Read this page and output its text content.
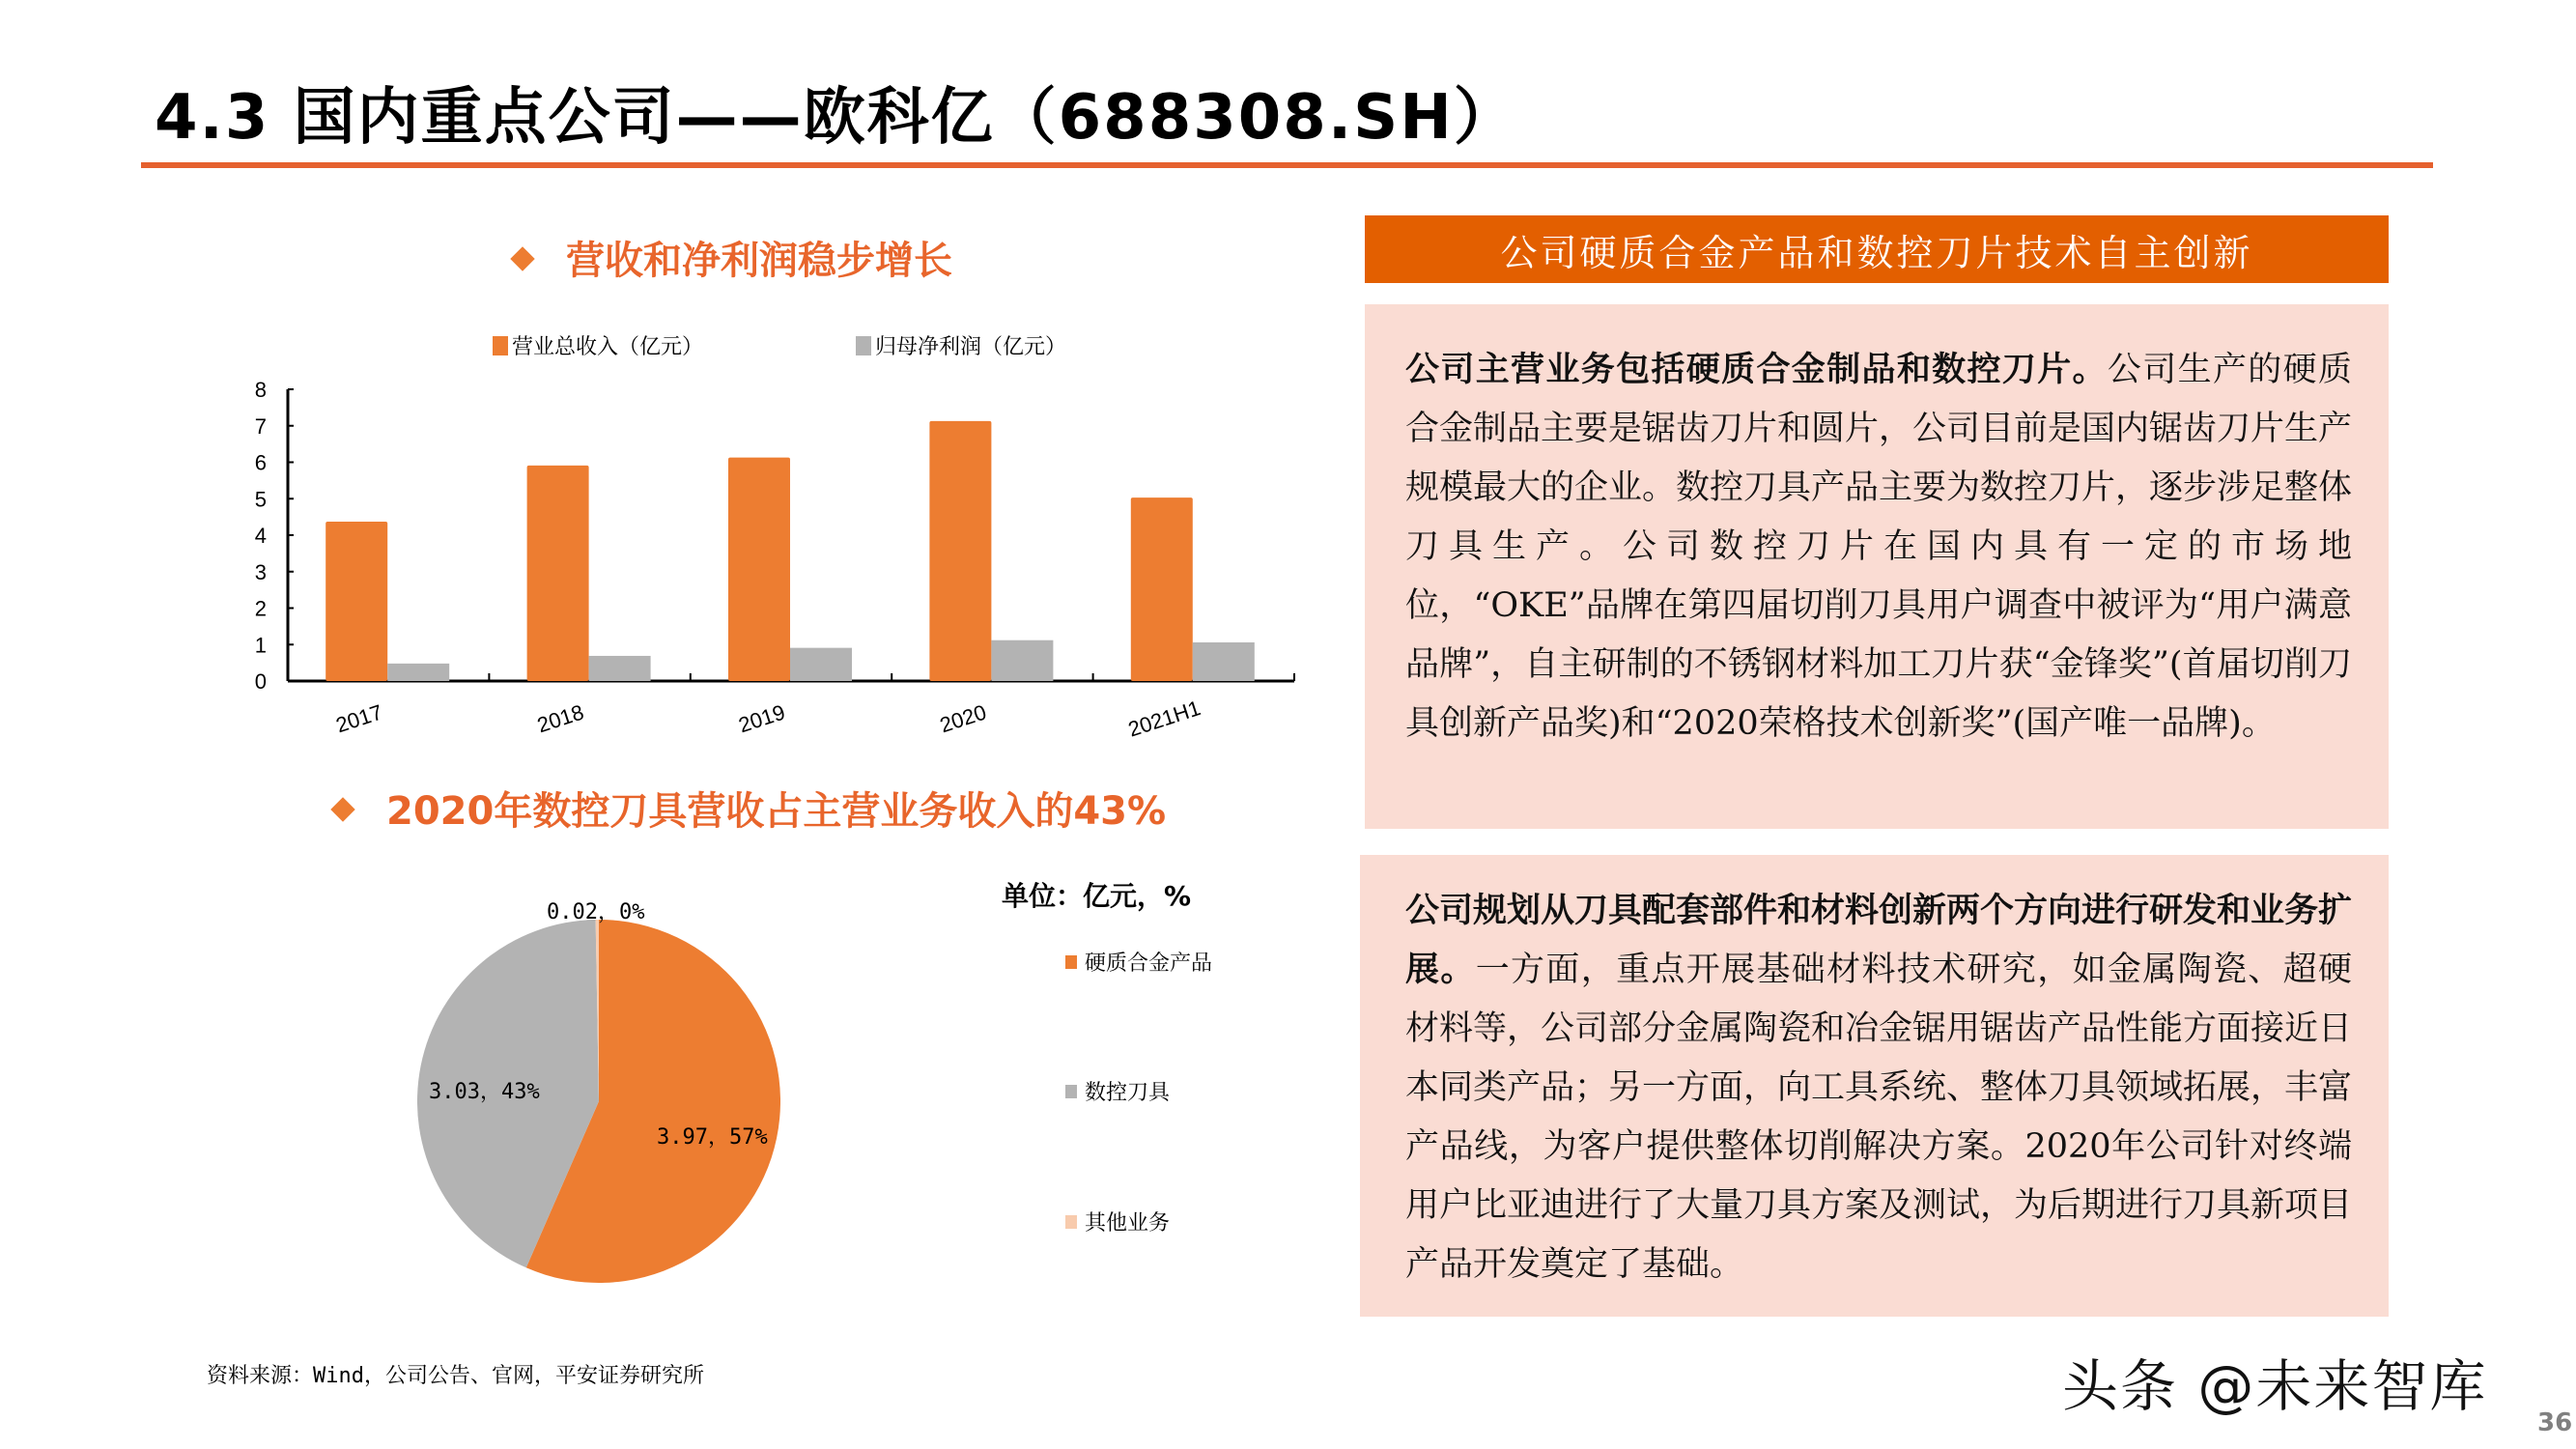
4.3 国内重点公司——欧科亿（688308.SH）
营收和净利润稳步增长
营业总收入（亿元）	归母净利润（亿元）
0
1
2
3
4
5
6
7
8
2017	2018	2019	2020	2021H1
2020年数控刀具营收占主营业务收入的43%
单位：亿元，%
0.02，0%
3.03，43%
3.97，57%
硬质合金产品
数控刀具
其他业务
资料来源：Wind，公司公告、官网，平安证券研究所
公司硬质合金产品和数控刀片技术自主创新
公司主营业务包括硬质合金制品和数控刀片。公司生产的硬质合金制品主要是锯齿刀片和圆片，公司目前是国内锯齿刀片生产规模最大的企业。数控刀具产品主要为数控刀片，逐步涉足整体刀具生产。公司数控刀片在国内具有一定的市场地位，“OKE”品牌在第四届切削刀具用户调查中被评为“用户满意品牌”，自主研制的不锈钢材料加工刀片获“金锋奖”(首届切削刀具创新产品奖)和“2020荣格技术创新奖”(国产唯一品牌)。
公司规划从刀具配套部件和材料创新两个方向进行研发和业务扩展。一方面，重点开展基础材料技术研究，如金属陶瓷、超硬材料等，公司部分金属陶瓷和冶金锯用锯齿产品性能方面接近日本同类产品；另一方面，向工具系统、整体刀具领域拓展，丰富产品线，为客户提供整体切削解决方案。2020年公司针对终端用户比亚迪进行了大量刀具方案及测试，为后期进行刀具新项目产品开发奠定了基础。
头条 @未来智库
36
